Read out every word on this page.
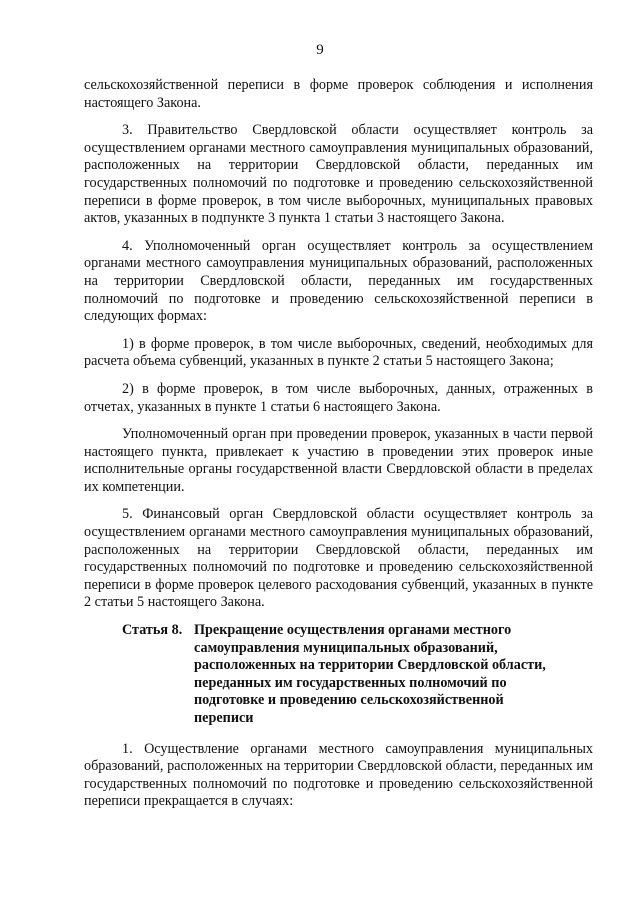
9

сельскохозяйственной переписи в форме проверок соблюдения и исполнения настоящего Закона.

3. Правительство Свердловской области осуществляет контроль за осуществлением органами местного самоуправления муниципальных образований, расположенных на территории Свердловской области, переданных им государственных полномочий по подготовке и проведению сельскохозяйственной переписи в форме проверок, в том числе выборочных, муниципальных правовых актов, указанных в подпункте 3 пункта 1 статьи 3 настоящего Закона.

4. Уполномоченный орган осуществляет контроль за осуществлением органами местного самоуправления муниципальных образований, расположенных на территории Свердловской области, переданных им государственных полномочий по подготовке и проведению сельскохозяйственной переписи в следующих формах:

1) в форме проверок, в том числе выборочных, сведений, необходимых для расчета объема субвенций, указанных в пункте 2 статьи 5 настоящего Закона;

2) в форме проверок, в том числе выборочных, данных, отраженных в отчетах, указанных в пункте 1 статьи 6 настоящего Закона.

Уполномоченный орган при проведении проверок, указанных в части первой настоящего пункта, привлекает к участию в проведении этих проверок иные исполнительные органы государственной власти Свердловской области в пределах их компетенции.

5. Финансовый орган Свердловской области осуществляет контроль за осуществлением органами местного самоуправления муниципальных образований, расположенных на территории Свердловской области, переданных им государственных полномочий по подготовке и проведению сельскохозяйственной переписи в форме проверок целевого расходования субвенций, указанных в пункте 2 статьи 5 настоящего Закона.

Статья 8. Прекращение осуществления органами местного самоуправления муниципальных образований, расположенных на территории Свердловской области, переданных им государственных полномочий по подготовке и проведению сельскохозяйственной переписи

1. Осуществление органами местного самоуправления муниципальных образований, расположенных на территории Свердловской области, переданных им государственных полномочий по подготовке и проведению сельскохозяйственной переписи прекращается в случаях:
